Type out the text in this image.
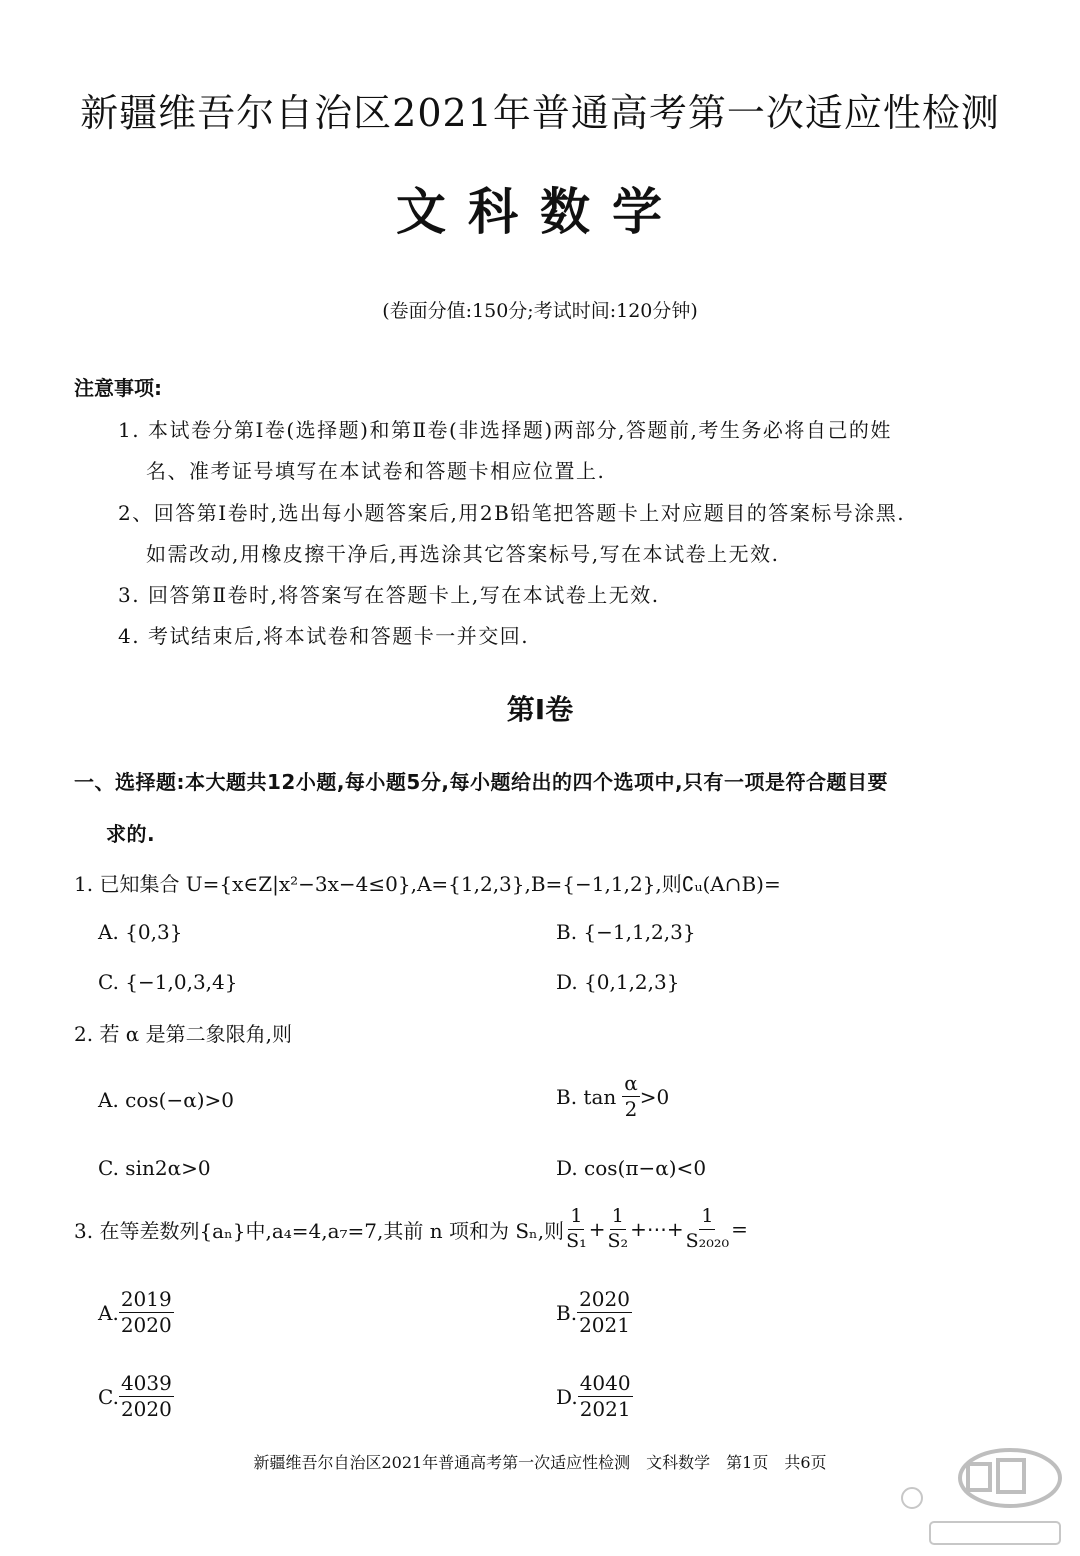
新疆维吾尔自治区2021年普通高考第一次适应性检测
文科数学
(卷面分值:150分;考试时间:120分钟)
注意事项:
1. 本试卷分第Ⅰ卷(选择题)和第Ⅱ卷(非选择题)两部分,答题前,考生务必将自己的姓
名、准考证号填写在本试卷和答题卡相应位置上.
2、回答第Ⅰ卷时,选出每小题答案后,用2B铅笔把答题卡上对应题目的答案标号涂黑.
如需改动,用橡皮擦干净后,再选涂其它答案标号,写在本试卷上无效.
3. 回答第Ⅱ卷时,将答案写在答题卡上,写在本试卷上无效.
4. 考试结束后,将本试卷和答题卡一并交回.
第Ⅰ卷
一、选择题:本大题共12小题,每小题5分,每小题给出的四个选项中,只有一项是符合题目要
求的.
1. 已知集合 U={x∈Z|x²−3x−4≤0},A={1,2,3},B={−1,1,2},则∁ᵤ(A∩B)=
A. {0,3}	B. {−1,1,2,3}
C. {−1,0,3,4}	D. {0,1,2,3}
2. 若 α 是第二象限角,则
A. cos(−α)>0	B. $\tan \frac{\alpha}{2} >0$
C. sin2α>0	D. cos(π−α)<0
3. 在等差数列{aₙ}中,a₄=4,a₇=7,其前 n 项和为 Sₙ,则 $\frac{1}{\text{S₁}} + \frac{1}{\text{S₂}}$ +⋯+ $\frac{1}{\text{S₂₀₂₀}}$ =
A. $\frac{2019}{2020}$	B. $\frac{2020}{2021}$
C. $\frac{4039}{2020}$	D. $\frac{4040}{2021}$
新疆维吾尔自治区2021年普通高考第一次适应性检测　文科数学　第1页　共6页
